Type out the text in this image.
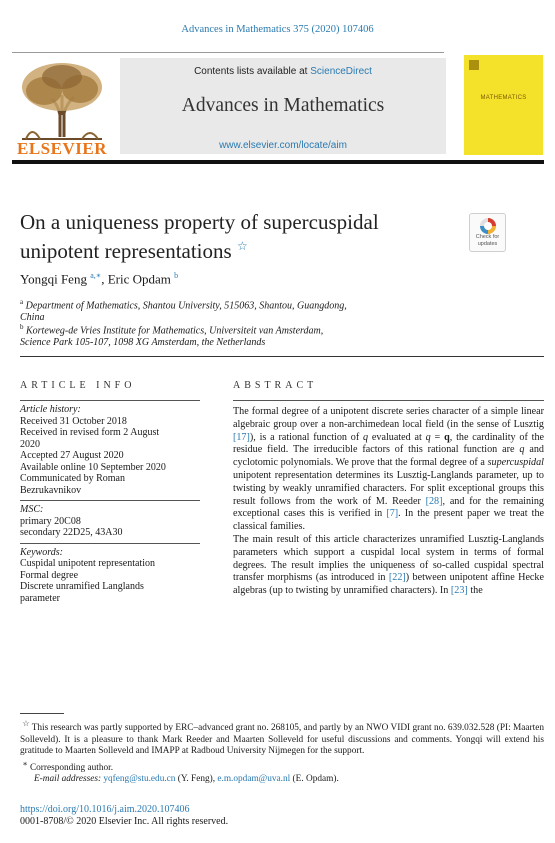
Advances in Mathematics 375 (2020) 107406
ELSEVIER
Contents lists available at ScienceDirect
Advances in Mathematics
www.elsevier.com/locate/aim
MATHEMATICS
On a uniqueness property of supercuspidal
unipotent representations ☆
Check for
updates
Yongqi Feng $^{a,∗}$, Eric Opdam $^b$
$^a$ Department of Mathematics, Shantou University, 515063, Shantou, Guangdong,
China
$^b$ Korteweg-de Vries Institute for Mathematics, Universiteit van Amsterdam,
Science Park 105-107, 1098 XG Amsterdam, the Netherlands
ARTICLE INFO
Article history:
Received 31 October 2018
Received in revised form 2 August
2020
Accepted 27 August 2020
Available online 10 September 2020
Communicated by Roman
Bezrukavnikov
MSC:
primary 20C08
secondary 22D25, 43A30
Keywords:
Cuspidal unipotent representation
Formal degree
Discrete unramified Langlands
parameter
ABSTRACT

The formal degree of a unipotent discrete series character of a simple linear algebraic group over a non-archimedean local field (in the sense of Lusztig [17]), is a rational function of q evaluated at q = q, the cardinality of the residue field. The irreducible factors of this rational function are q and cyclotomic polynomials. We prove that the formal degree of a supercuspidal unipotent representation determines its Lusztig-Langlands parameter, up to twisting by weakly unramified characters. For split exceptional groups this result follows from the work of M. Reeder [28], and for the remaining exceptional cases this is verified in [7]. In the present paper we treat the classical families.

The main result of this article characterizes unramified Lusztig-Langlands parameters which support a cuspidal local system in terms of formal degrees. The result implies the uniqueness of so-called cuspidal spectral transfer morphisms (as introduced in [22]) between unipotent affine Hecke algebras (up to twisting by unramified characters). In [23] the

☆ This research was partly supported by ERC–advanced grant no. 268105, and partly by an NWO VIDI grant no. 639.032.528 (PI: Maarten Solleveld). It is a pleasure to thank Mark Reeder and Maarten Solleveld for useful discussions and comments. Yongqi will extend his gratitude to Maarten Solleveld and IMAPP at Radboud University Nijmegen for the support.

∗ Corresponding author.

E-mail addresses: yqfeng@stu.edu.cn (Y. Feng), e.m.opdam@uva.nl (E. Opdam).

https://doi.org/10.1016/j.aim.2020.107406
0001-8708/© 2020 Elsevier Inc. All rights reserved.
